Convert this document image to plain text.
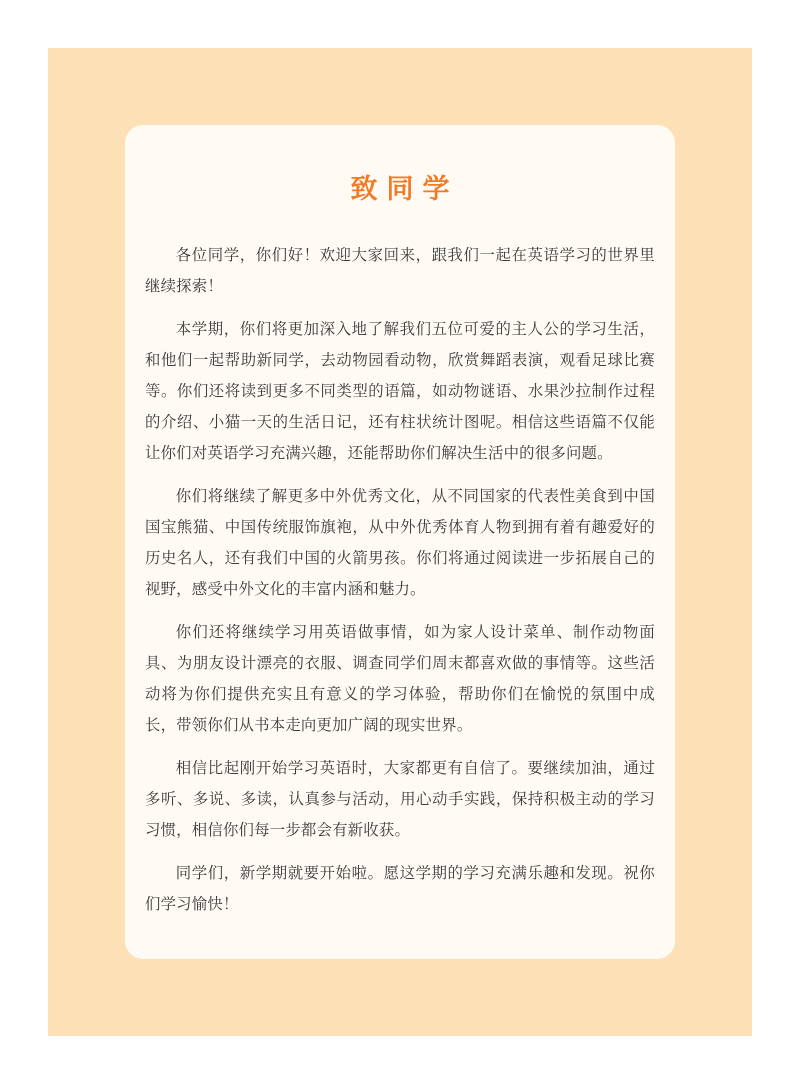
致同学

各位同学，你们好！欢迎大家回来，跟我们一起在英语学习的世界里继续探索！

本学期，你们将更加深入地了解我们五位可爱的主人公的学习生活，和他们一起帮助新同学，去动物园看动物，欣赏舞蹈表演，观看足球比赛等。你们还将读到更多不同类型的语篇，如动物谜语、水果沙拉制作过程的介绍、小猫一天的生活日记，还有柱状统计图呢。相信这些语篇不仅能让你们对英语学习充满兴趣，还能帮助你们解决生活中的很多问题。

你们将继续了解更多中外优秀文化，从不同国家的代表性美食到中国国宝熊猫、中国传统服饰旗袍，从中外优秀体育人物到拥有着有趣爱好的历史名人，还有我们中国的火箭男孩。你们将通过阅读进一步拓展自己的视野，感受中外文化的丰富内涵和魅力。

你们还将继续学习用英语做事情，如为家人设计菜单、制作动物面具、为朋友设计漂亮的衣服、调查同学们周末都喜欢做的事情等。这些活动将为你们提供充实且有意义的学习体验，帮助你们在愉悦的氛围中成长，带领你们从书本走向更加广阔的现实世界。

相信比起刚开始学习英语时，大家都更有自信了。要继续加油，通过多听、多说、多读，认真参与活动，用心动手实践，保持积极主动的学习习惯，相信你们每一步都会有新收获。

同学们，新学期就要开始啦。愿这学期的学习充满乐趣和发现。祝你们学习愉快！
